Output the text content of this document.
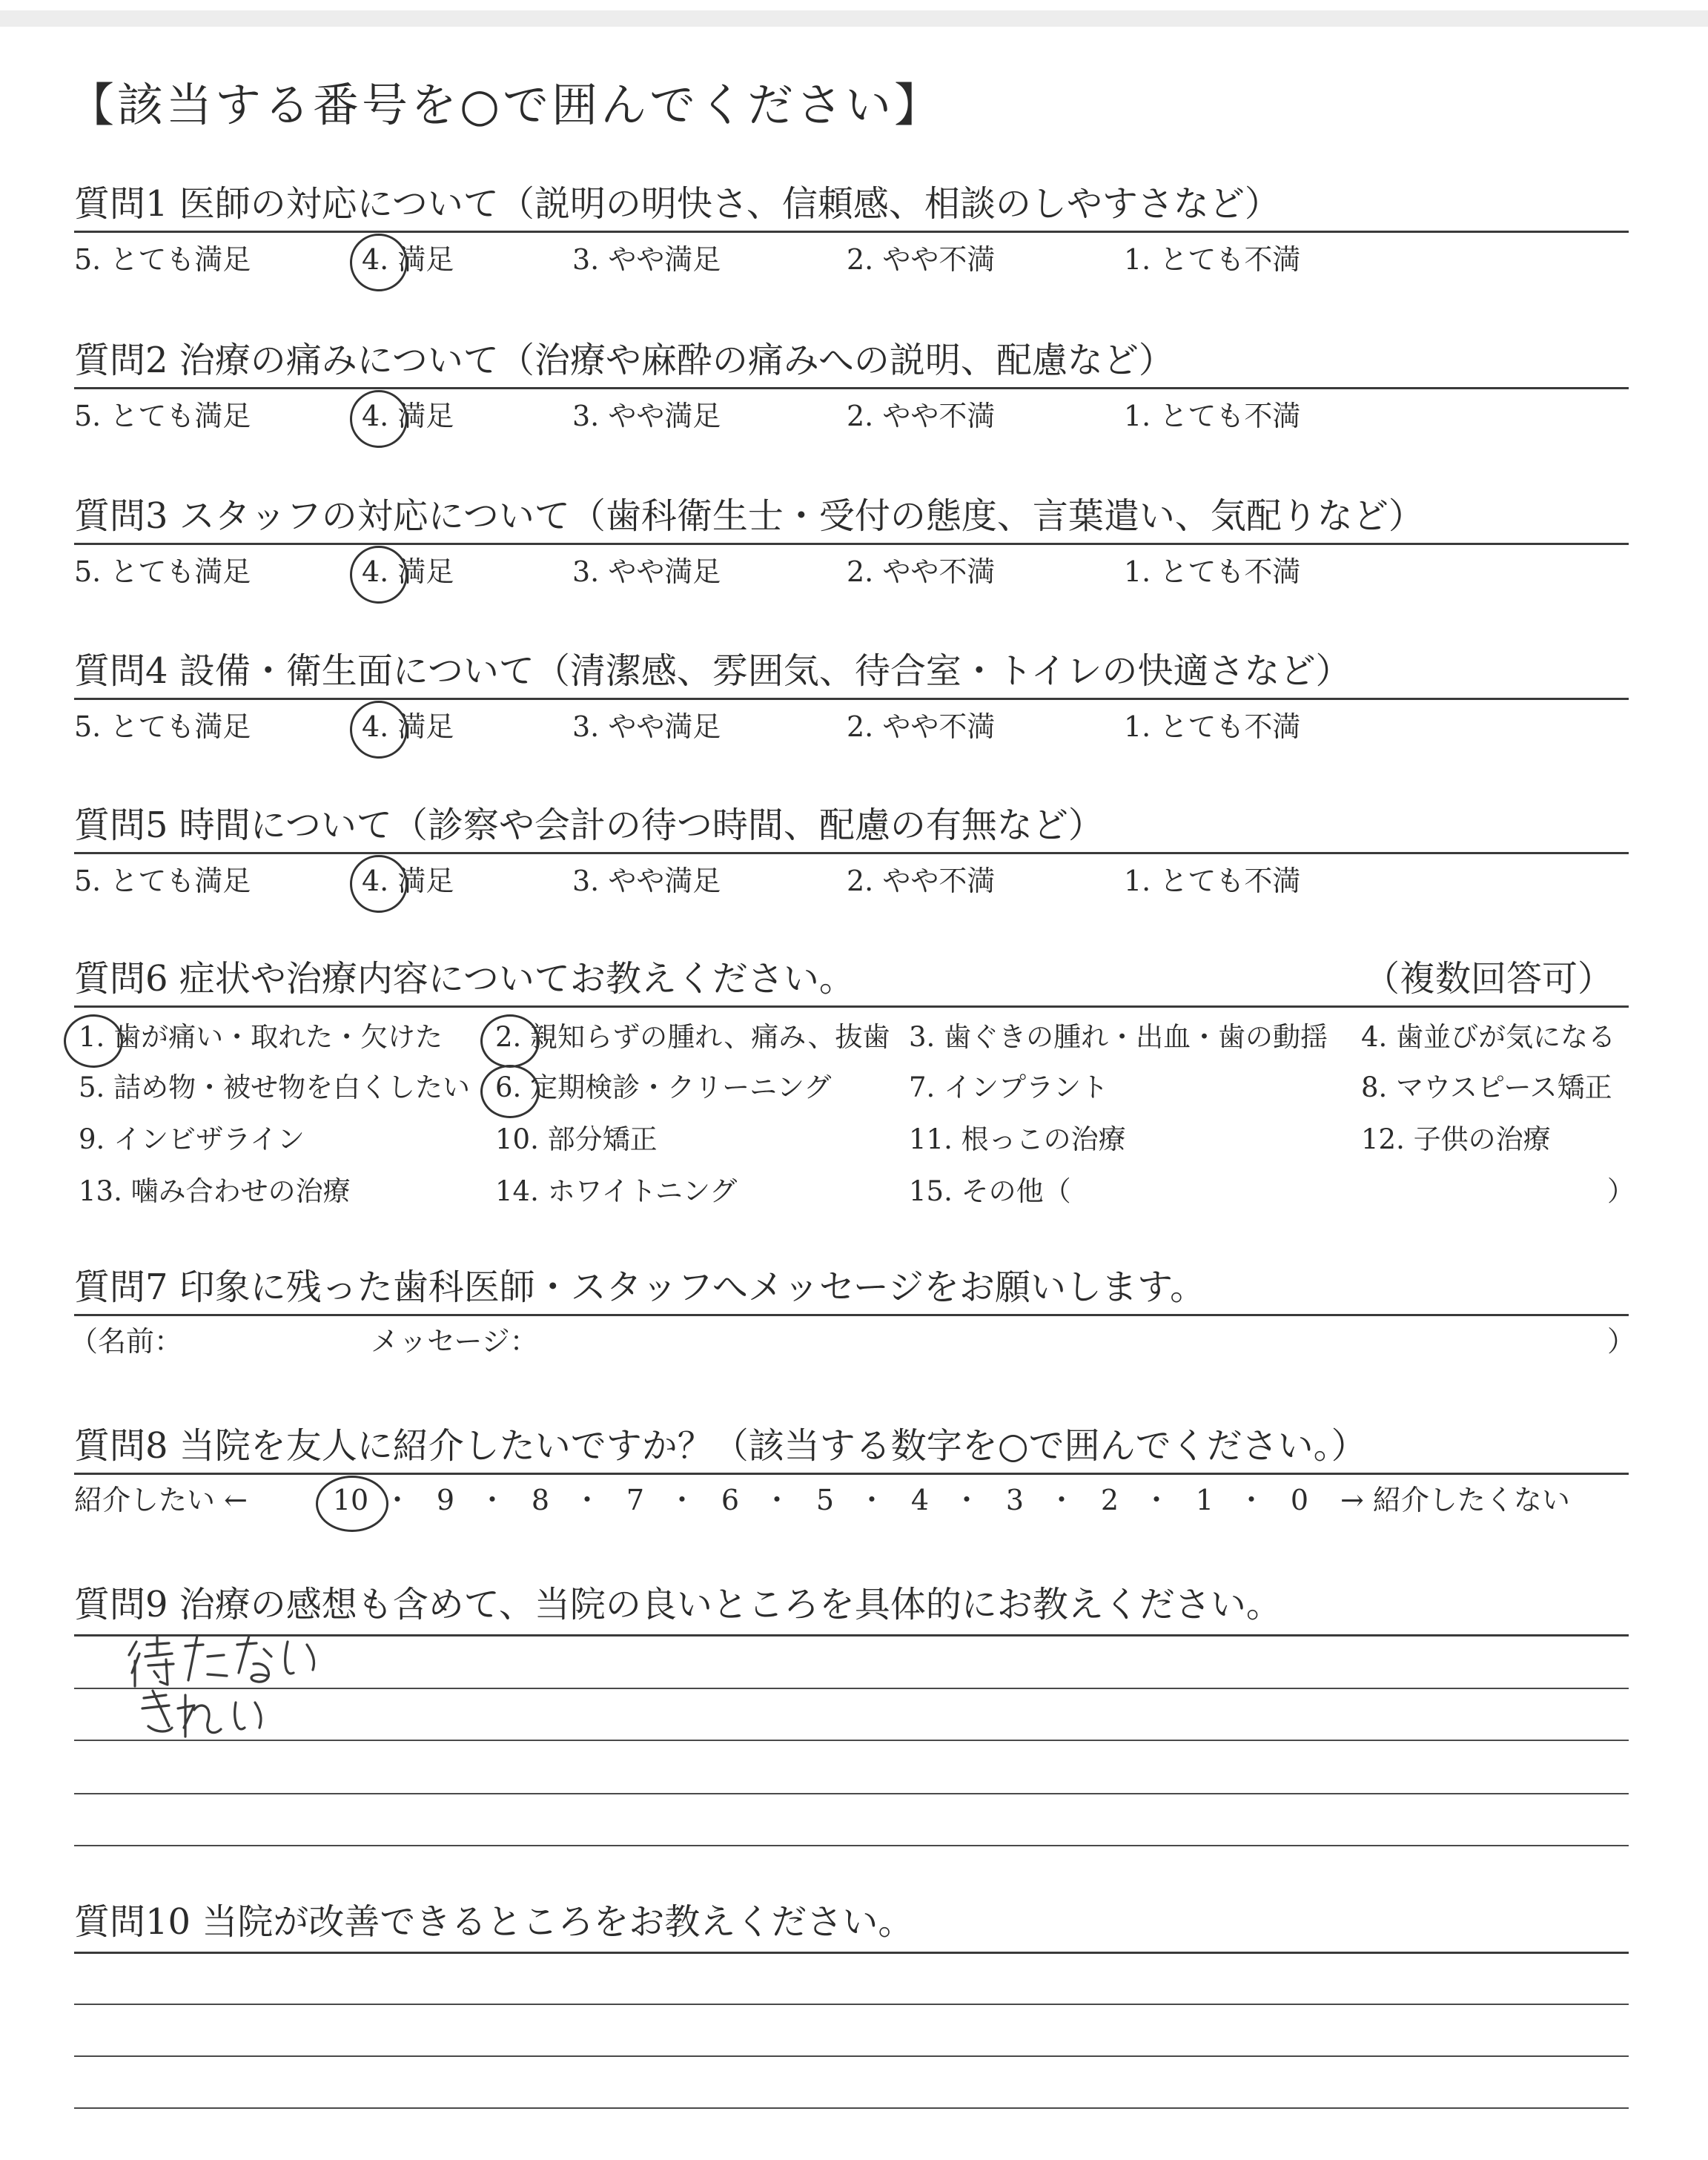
【該当する番号を○で囲んでください】
質問1 医師の対応について（説明の明快さ、信頼感、相談のしやすさなど）
5. とても満足	4. 満足	3. やや満足	2. やや不満	1. とても不満
質問2 治療の痛みについて（治療や麻酔の痛みへの説明、配慮など）
5. とても満足	4. 満足	3. やや満足	2. やや不満	1. とても不満
質問3 スタッフの対応について（歯科衛生士・受付の態度、言葉遣い、気配りなど）
5. とても満足	4. 満足	3. やや満足	2. やや不満	1. とても不満
質問4 設備・衛生面について（清潔感、雰囲気、待合室・トイレの快適さなど）
5. とても満足	4. 満足	3. やや満足	2. やや不満	1. とても不満
質問5 時間について（診察や会計の待つ時間、配慮の有無など）
5. とても満足	4. 満足	3. やや満足	2. やや不満	1. とても不満
質問6 症状や治療内容についてお教えください。	（複数回答可）
1. 歯が痛い・取れた・欠けた 2. 親知らずの腫れ、痛み、抜歯 3. 歯ぐきの腫れ・出血・歯の動揺 4. 歯並びが気になる
5. 詰め物・被せ物を白くしたい 6. 定期検診・クリーニング	7. インプラント	8. マウスピース矯正
9. インビザライン	10. 部分矯正	11. 根っこの治療	12. 子供の治療
13. 噛み合わせの治療	14. ホワイトニング	15. その他（	）
質問7 印象に残った歯科医師・スタッフへメッセージをお願いします。
（名前：	メッセージ：	）
質問8 当院を友人に紹介したいですか？（該当する数字を○で囲んでください。）
紹介したい ←	→ 紹介したくない
10 ・ 9 ・ 8 ・ 7 ・ 6 ・ 5 ・ 4 ・ 3 ・ 2 ・ 1 ・ 0
質問9 治療の感想も含めて、当院の良いところを具体的にお教えください。
質問10 当院が改善できるところをお教えください。
